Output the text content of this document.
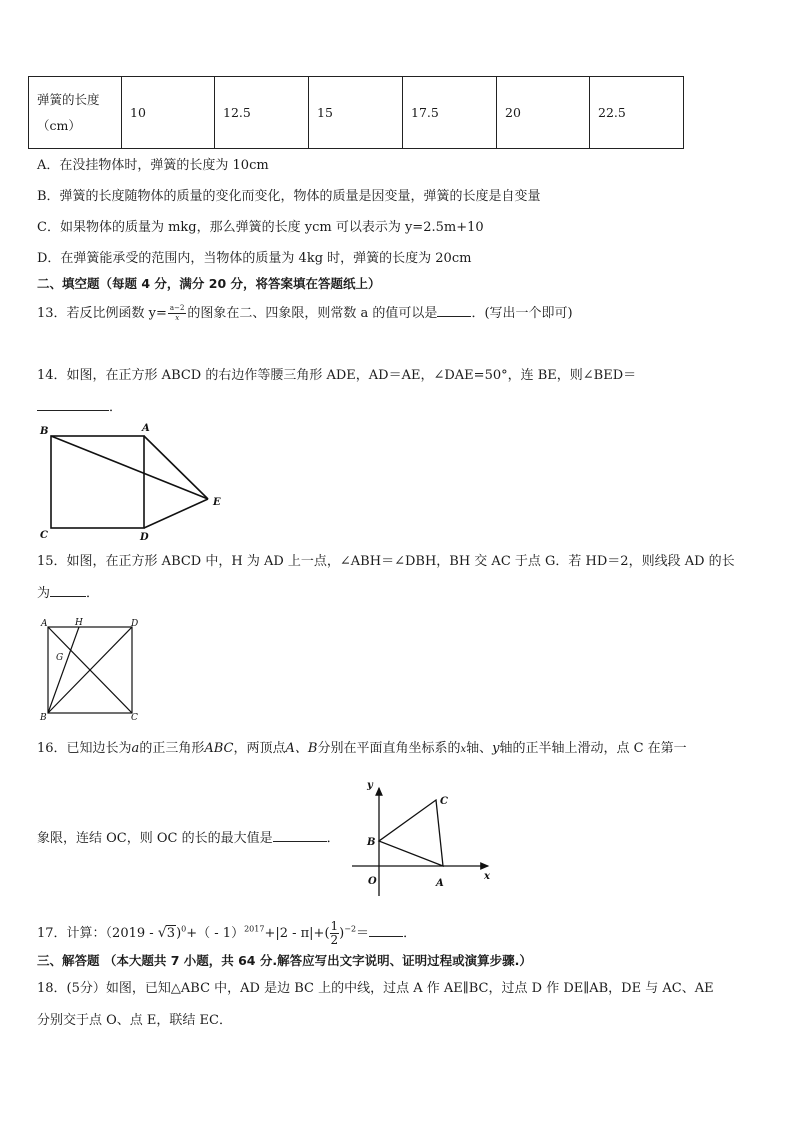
弹簧的长度（cm）	10	12.5	15	17.5	20	22.5
A．在没挂物体时，弹簧的长度为 10cm
B．弹簧的长度随物体的质量的变化而变化，物体的质量是因变量，弹簧的长度是自变量
C．如果物体的质量为 mkg，那么弹簧的长度 ycm 可以表示为 y=2.5m+10
D．在弹簧能承受的范围内，当物体的质量为 4kg 时，弹簧的长度为 20cm
二、填空题（每题 4 分，满分 20 分，将答案填在答题纸上）
13．若反比例函数 $y= \frac{a-2}{x}$ 的图象在二、四象限，则常数 a 的值可以是	．(写出一个即可)
14．如图，在正方形 ABCD 的右边作等腰三角形 ADE，AD＝AE，∠DAE=50°，连 BE，则∠BED＝
．
B	A
C	D
E
15．如图，在正方形 ABCD 中，H 为 AD 上一点，∠ABH＝∠DBH，BH 交 AC 于点 G．若 HD＝2，则线段 AD 的长
为	．
A	H	D
G
B	C
16．已知边长为a的正三角形ABC，两顶点A、B分别在平面直角坐标系的x轴、y轴的正半轴上滑动，点 C 在第一
象限，连结 OC，则 OC 的长的最大值是	．
y
x
O	A
B
C
17．计算：（2019 - √ $3)^0+( - 1)^{2017}+|2 - \pi|+( \frac{1}{2} )^{-2}=$	．
三、解答题 （本大题共 7 小题，共 64 分.解答应写出文字说明、证明过程或演算步骤.）
18．(5分）如图，已知△ABC 中，AD 是边 BC 上的中线，过点 A 作 AE∥BC，过点 D 作 DE∥AB，DE 与 AC、AE
分别交于点 O、点 E，联结 EC．
